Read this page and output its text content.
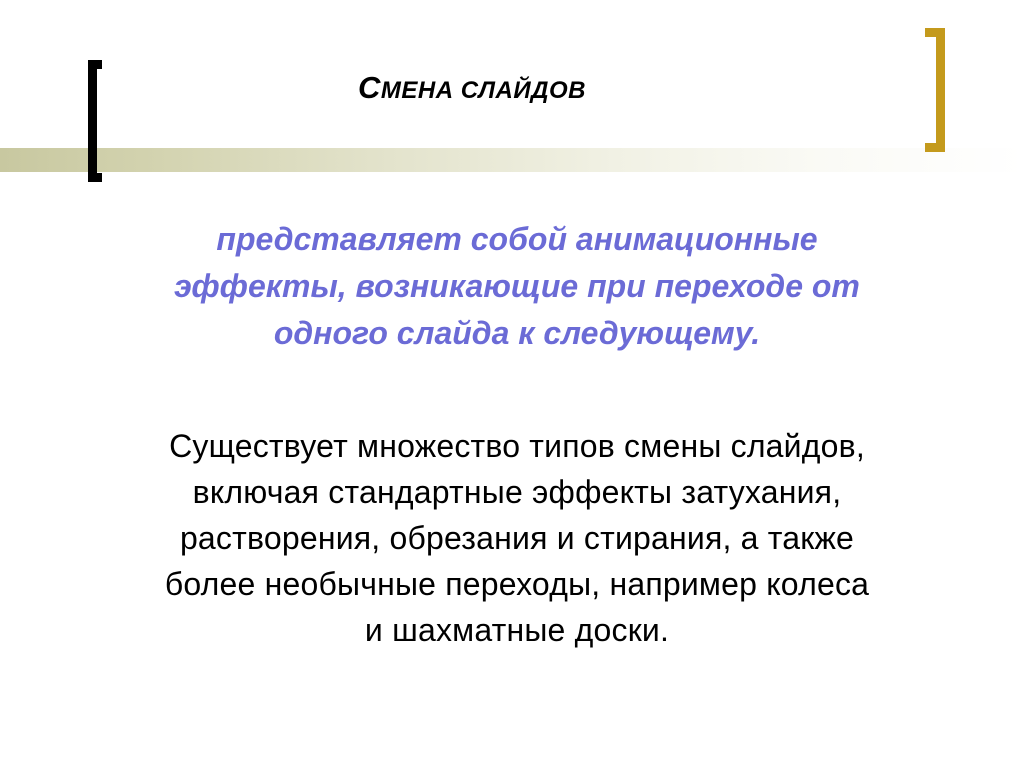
СМЕНА СЛАЙДОВ
представляет собой анимационные
эффекты, возникающие при переходе от
одного слайда к следующему.
Существует множество типов смены слайдов,
включая стандартные эффекты затухания,
растворения, обрезания и стирания, а также
более необычные переходы, например колеса
и шахматные доски.
